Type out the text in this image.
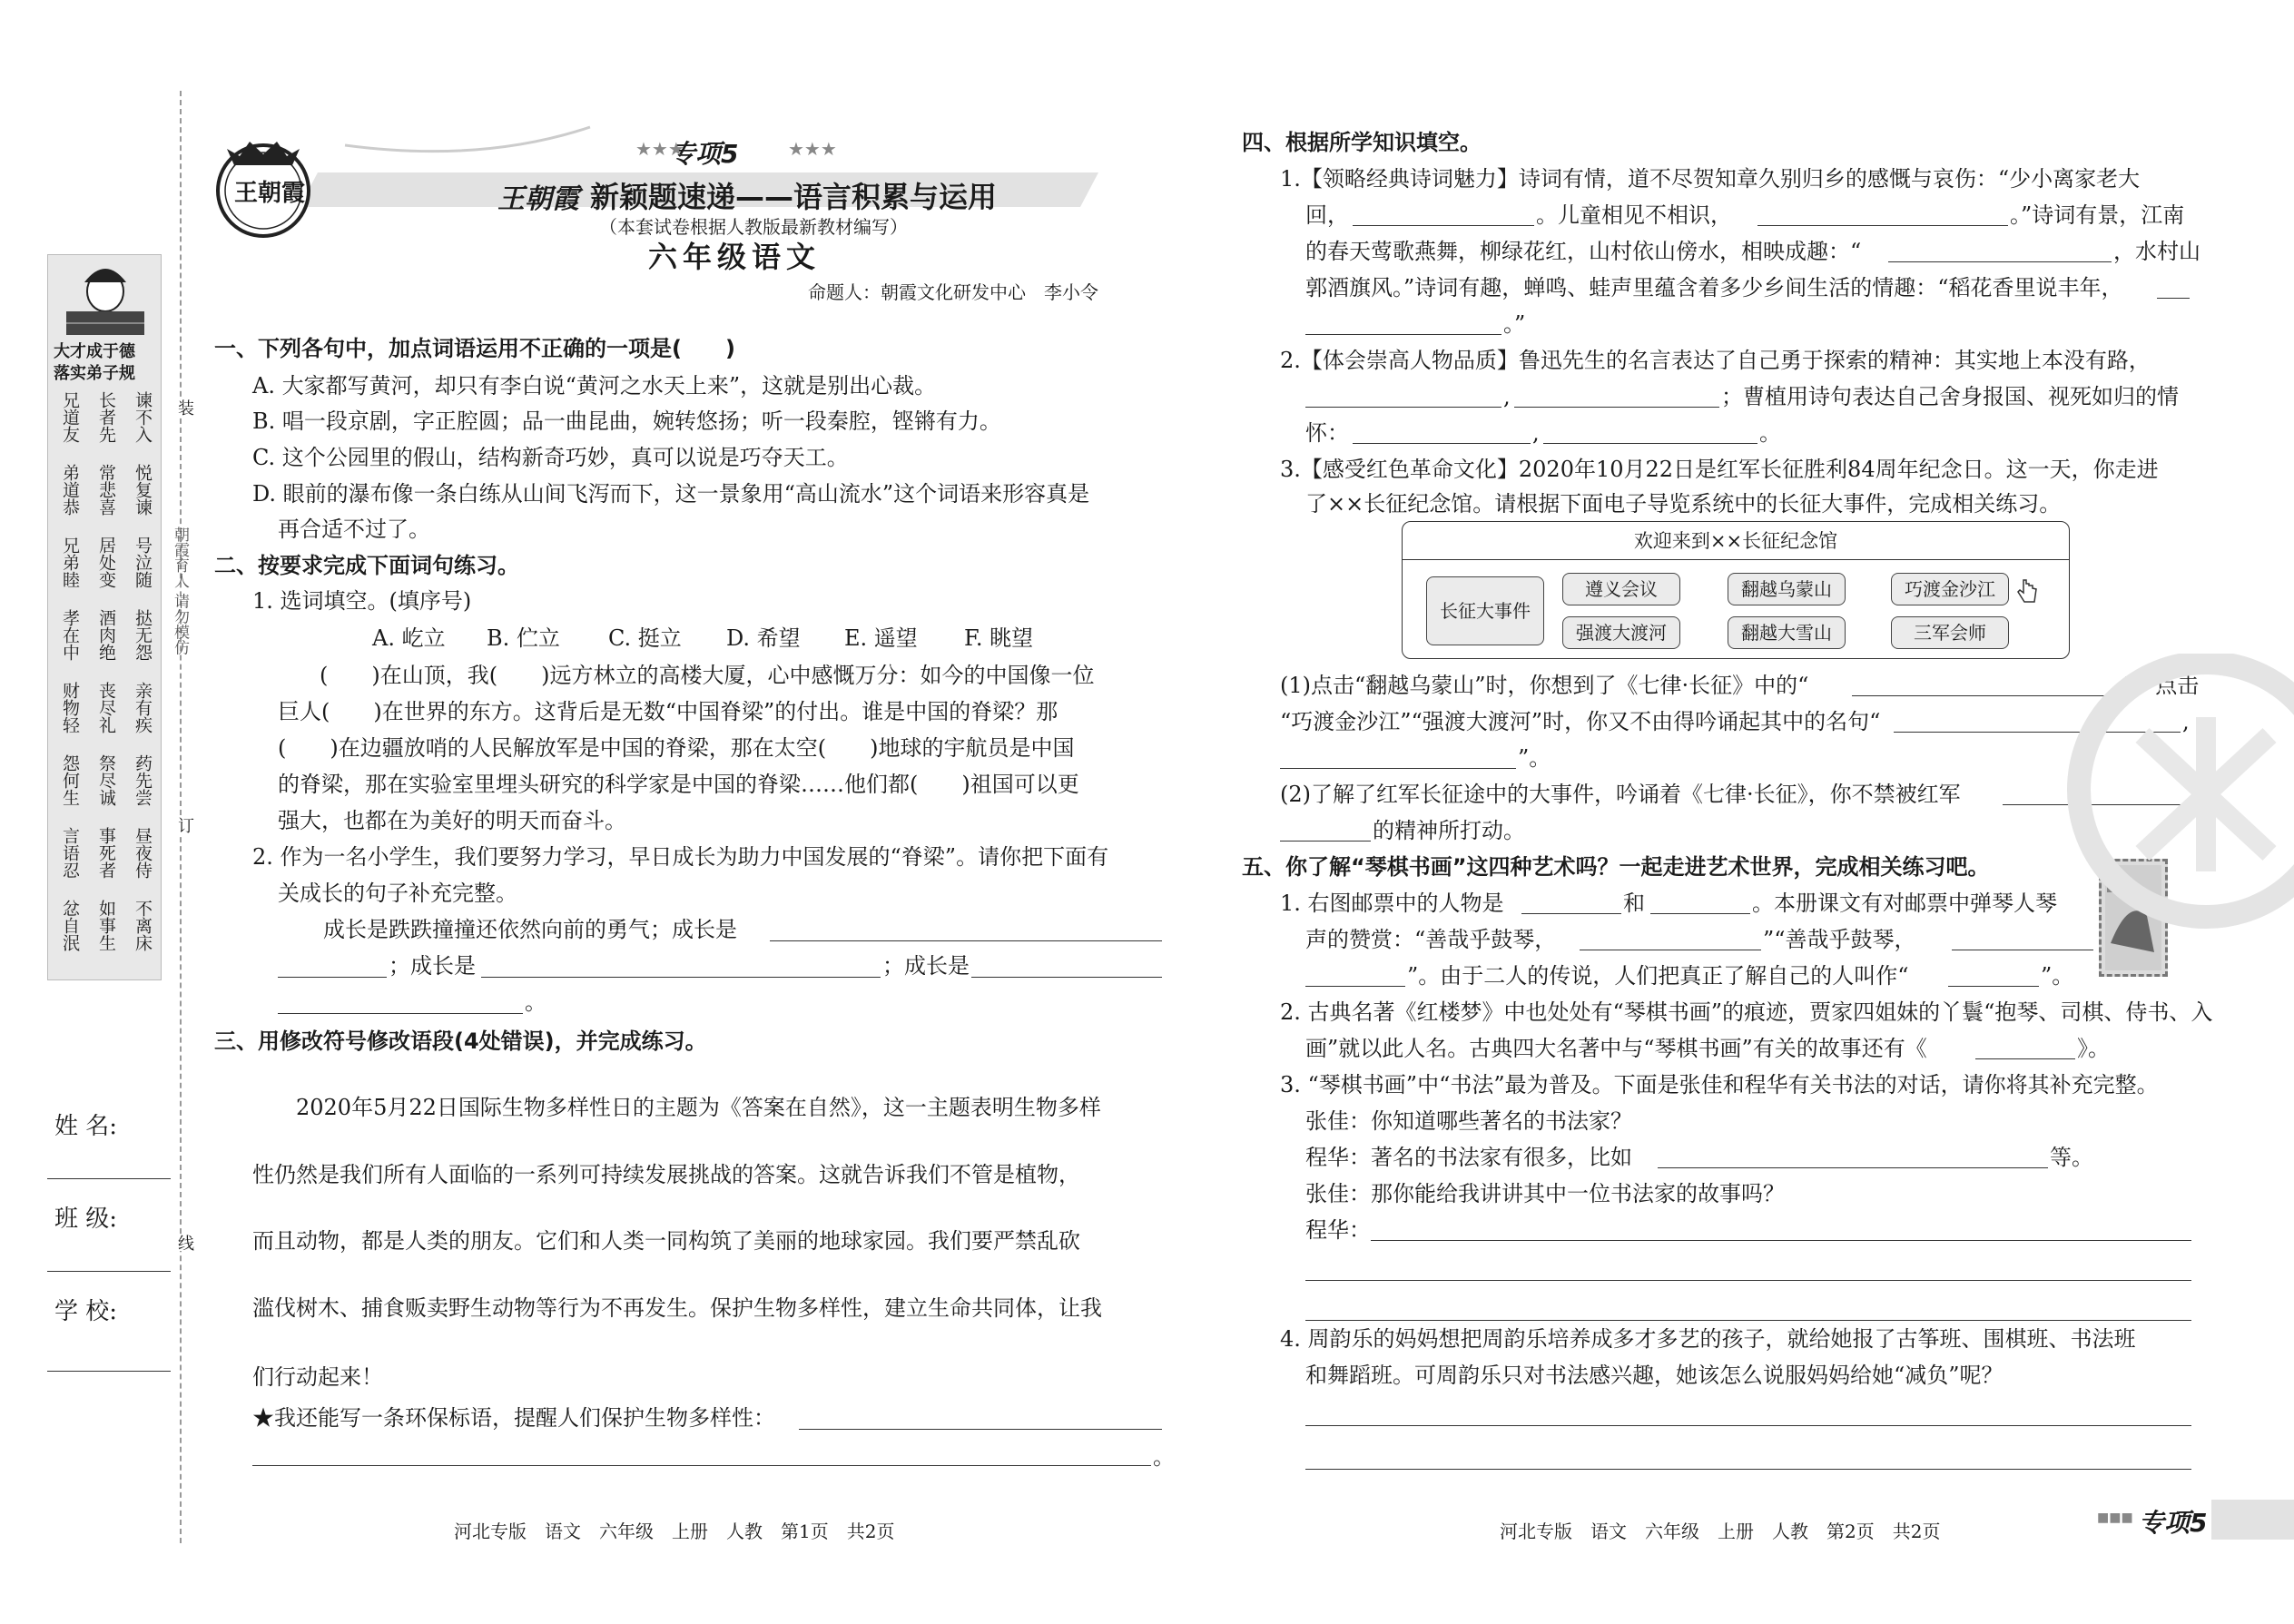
装
订
线
朝霞育人 请勿模仿
大才成于德
落实弟子规
兄道友 长者先 谏不入
弟道恭 常悲喜 悦复谏
兄弟睦 居处变 号泣随
孝在中 酒肉绝 挞无怨
财物轻 丧尽礼 亲有疾
怨何生 祭尽诚 药先尝
言语忍 事死者 昼夜侍
忿自泯 如事生 不离床
姓 名:
班 级:
学 校:
王朝霞
专项5
★★★	★★★
王朝霞 新颖题速递——语言积累与运用
（本套试卷根据人教版最新教材编写）
六年级语文
命题人：朝霞文化研发中心　李小令
一、下列各句中，加点词语运用不正确的一项是(　　)
A. 大家都写黄河，却只有李白说“黄河之水天上来”，这就是别出心裁。
B. 唱一段京剧，字正腔圆；品一曲昆曲，婉转悠扬；听一段秦腔，铿锵有力。
C. 这个公园里的假山，结构新奇巧妙，真可以说是巧夺天工。
D. 眼前的瀑布像一条白练从山间飞泻而下，这一景象用“高山流水”这个词语来形容真是
再合适不过了。
二、按要求完成下面词句练习。
1. 选词填空。(填序号)
(　　)在山顶，我(　　)远方林立的高楼大厦，心中感慨万分：如今的中国像一位
巨人(　　)在世界的东方。这背后是无数“中国脊梁”的付出。谁是中国的脊梁？那
(　　)在边疆放哨的人民解放军是中国的脊梁，那在太空(　　)地球的宇航员是中国
的脊梁，那在实验室里埋头研究的科学家是中国的脊梁……他们都(　　)祖国可以更
强大，也都在为美好的明天而奋斗。
2. 作为一名小学生，我们要努力学习，早日成长为助力中国发展的“脊梁”。请你把下面有
关成长的句子补充完整。
成长是跌跌撞撞还依然向前的勇气；成长是
；成长是	；成长是
。
三、用修改符号修改语段(4处错误)，并完成练习。
2020年5月22日国际生物多样性日的主题为《答案在自然》，这一主题表明生物多样
性仍然是我们所有人面临的一系列可持续发展挑战的答案。这就告诉我们不管是植物，
而且动物，都是人类的朋友。它们和人类一同构筑了美丽的地球家园。我们要严禁乱砍
滥伐树木、捕食贩卖野生动物等行为不再发生。保护生物多样性，建立生命共同体，让我
们行动起来！
★我还能写一条环保标语，提醒人们保护生物多样性：
。
河北专版　语文　六年级　上册　人教　第1页　共2页
四、根据所学知识填空。
1.【领略经典诗词魅力】诗词有情，道不尽贺知章久别归乡的感慨与哀伤：“少小离家老大
回，	。儿童相见不相识，	。”诗词有景，江南
的春天莺歌燕舞，柳绿花红，山村依山傍水，相映成趣：“	，水村山
郭酒旗风。”诗词有趣，蝉鸣、蛙声里蕴含着多少乡间生活的情趣：“稻花香里说丰年，
。”
2.【体会崇高人物品质】鲁迅先生的名言表达了自己勇于探索的精神：其实地上本没有路，
,	；曹植用诗句表达自己舍身报国、视死如归的情
怀：	,	。
3.【感受红色革命文化】2020年10月22日是红军长征胜利84周年纪念日。这一天，你走进
了××长征纪念馆。请根据下面电子导览系统中的长征大事件，完成相关练习。
欢迎来到××长征纪念馆
长征大事件
遵义会议	翻越乌蒙山	巧渡金沙江
强渡大渡河	翻越大雪山	三军会师
(1)点击“翻越乌蒙山”时，你想到了《七律·长征》中的“	”；点击
“巧渡金沙江”“强渡大渡河”时，你又不由得吟诵起其中的名句“	,
”。
(2)了解了红军长征途中的大事件，吟诵着《七律·长征》，你不禁被红军
的精神所打动。
五、你了解“琴棋书画”这四种艺术吗？一起走进艺术世界，完成相关练习吧。
1. 右图邮票中的人物是	和	。本册课文有对邮票中弹琴人琴
声的赞赏：“善哉乎鼓琴，	”“善哉乎鼓琴，
”。由于二人的传说，人们把真正了解自己的人叫作“	”。
2. 古典名著《红楼梦》中也处处有“琴棋书画”的痕迹，贾家四姐妹的丫鬟“抱琴、司棋、侍书、入
画”就以此人名。古典四大名著中与“琴棋书画”有关的故事还有《	》。
3. “琴棋书画”中“书法”最为普及。下面是张佳和程华有关书法的对话，请你将其补充完整。
张佳：你知道哪些著名的书法家？
程华：著名的书法家有很多，比如	等。
张佳：那你能给我讲讲其中一位书法家的故事吗？
程华：
4. 周韵乐的妈妈想把周韵乐培养成多才多艺的孩子，就给她报了古筝班、围棋班、书法班
和舞蹈班。可周韵乐只对书法感兴趣，她该怎么说服妈妈给她“减负”呢？
河北专版　语文　六年级　上册　人教　第2页　共2页	专项5
■■■
A. 屹立 B. 伫立 C. 挺立 D. 希望 E. 遥望 F. 眺望
